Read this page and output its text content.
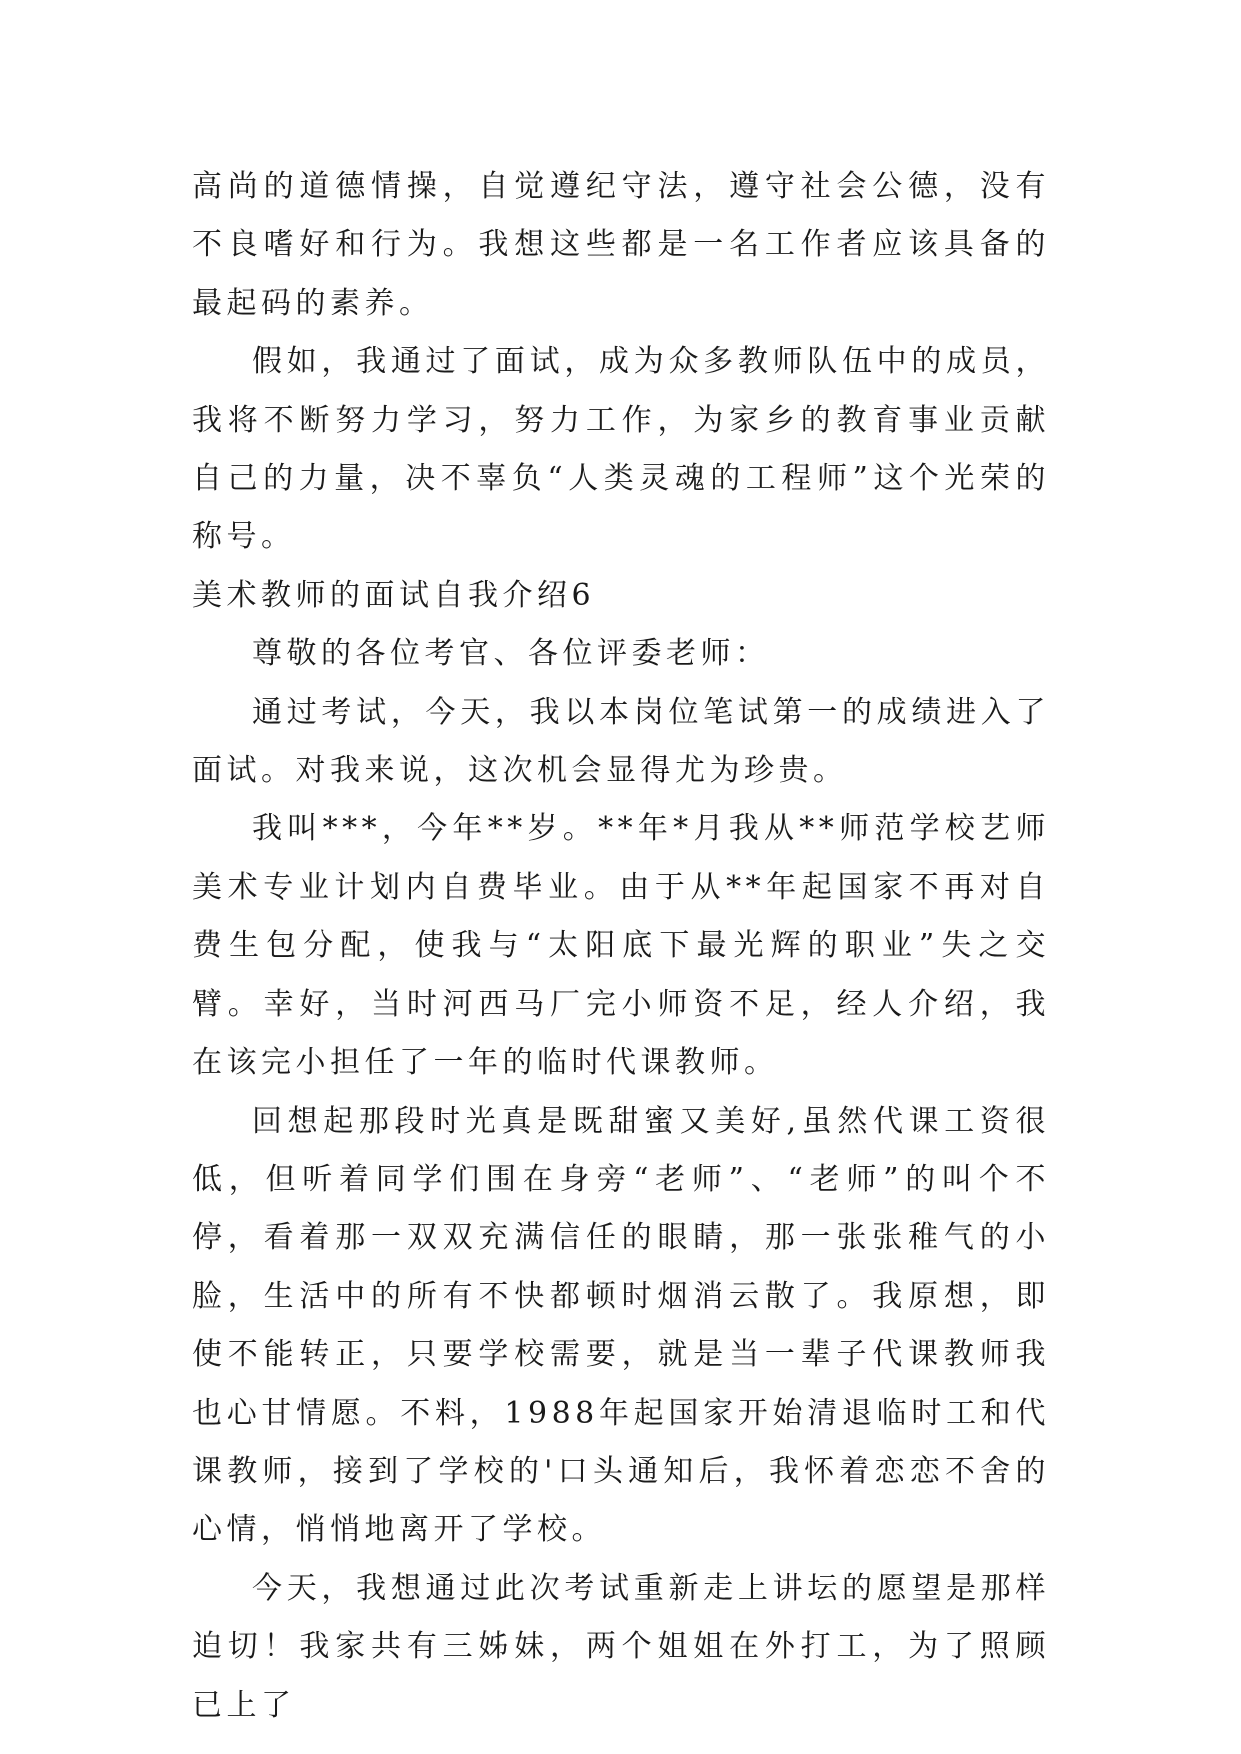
高尚的道德情操，自觉遵纪守法，遵守社会公德，没有不良嗜好和行为。我想这些都是一名工作者应该具备的最起码的素养。

假如，我通过了面试，成为众多教师队伍中的成员，我将不断努力学习，努力工作，为家乡的教育事业贡献自己的力量，决不辜负“人类灵魂的工程师”这个光荣的称号。

美术教师的面试自我介绍6

尊敬的各位考官、各位评委老师：

通过考试，今天，我以本岗位笔试第一的成绩进入了面试。对我来说，这次机会显得尤为珍贵。

我叫***，今年**岁。**年*月我从**师范学校艺师美术专业计划内自费毕业。由于从**年起国家不再对自费生包分配，使我与“太阳底下最光辉的职业”失之交臂。幸好，当时河西马厂完小师资不足，经人介绍，我在该完小担任了一年的临时代课教师。

回想起那段时光真是既甜蜜又美好,虽然代课工资很低，但听着同学们围在身旁“老师”、“老师”的叫个不停，看着那一双双充满信任的眼睛，那一张张稚气的小脸，生活中的所有不快都顿时烟消云散了。我原想，即使不能转正，只要学校需要，就是当一辈子代课教师我也心甘情愿。不料，1988年起国家开始清退临时工和代课教师，接到了学校的'口头通知后，我怀着恋恋不舍的心情，悄悄地离开了学校。

今天，我想通过此次考试重新走上讲坛的愿望是那样迫切！我家共有三姊妹，两个姐姐在外打工，为了照顾已上了
